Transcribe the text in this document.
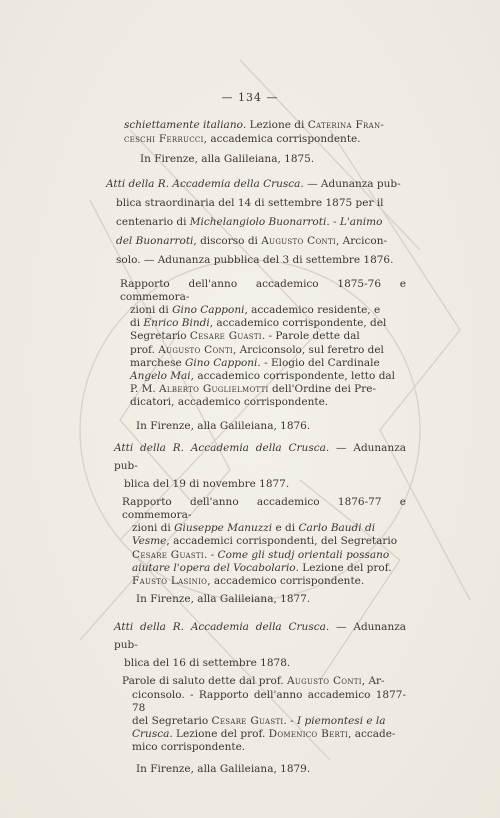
— 134 —
schiettamente italiano. Lezione di Caterina Fran-
ceschi Ferrucci, accademica corrispondente.
In Firenze, alla Galileiana, 1875.
Atti della R. Accademia della Crusca. — Adunanza pub-
blica straordinaria del 14 di settembre 1875 per il
centenario di Michelangiolo Buonarroti. - L'animo
del Buonarroti, discorso di Augusto Conti, Arcicon-
solo. — Adunanza pubblica del 3 di settembre 1876.
Rapporto dell'anno accademico 1875-76 e commemora-
zioni di Gino Capponi, accademico residente, e
di Enrico Bindi, accademico corrispondente, del
Segretario Cesare Guasti. - Parole dette dal
prof. Augusto Conti, Arciconsolo, sul feretro del
marchese Gino Capponi. - Elogio del Cardinale
Angelo Mai, accademico corrispondente, letto dal
P. M. Alberto Guglielmotti dell'Ordine dei Pre-
dicatori, accademico corrispondente.
In Firenze, alla Galileiana, 1876.
Atti della R. Accademia della Crusca. — Adunanza pub-
blica del 19 di novembre 1877.
Rapporto dell'anno accademico 1876-77 e commemora-
zioni di Giuseppe Manuzzi e di Carlo Baudi di
Vesme, accademici corrispondenti, del Segretario
Cesare Guasti. - Come gli studj orientali possano
aiutare l'opera del Vocabolario. Lezione del prof.
Fausto Lasinio, accademico corrispondente.
In Firenze, alla Galileiana, 1877.
Atti della R. Accademia della Crusca. — Adunanza pub-
blica del 16 di settembre 1878.
Parole di saluto dette dal prof. Augusto Conti, Ar-
ciconsolo. - Rapporto dell'anno accademico 1877-78
del Segretario Cesare Guasti. - I piemontesi e la
Crusca. Lezione del prof. Domenico Berti, accade-
mico corrispondente.
In Firenze, alla Galileiana, 1879.
